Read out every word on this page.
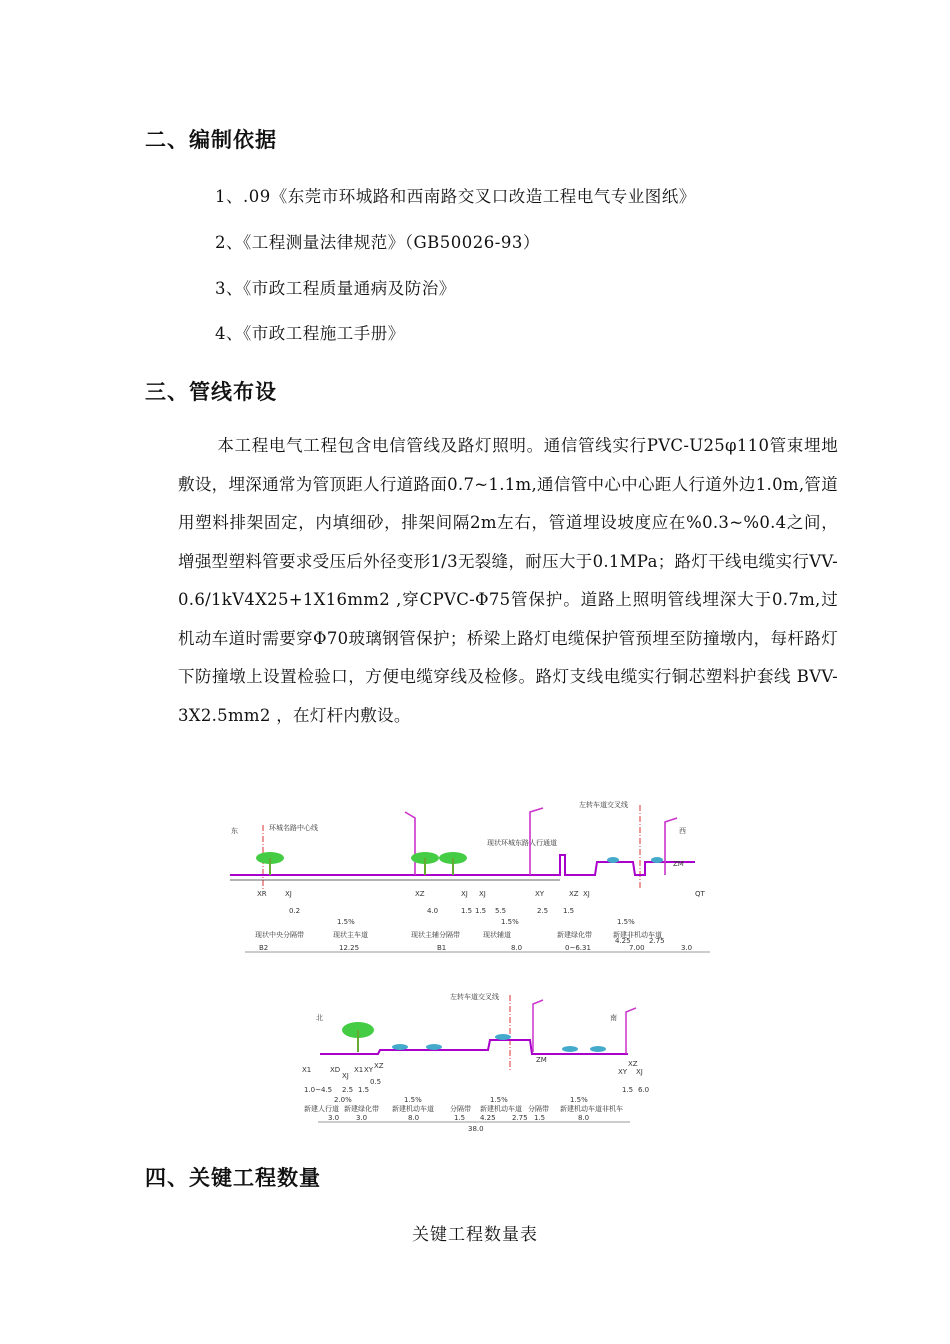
二、编制依据
1、.09《东莞市环城路和西南路交叉口改造工程电气专业图纸》
2、《工程测量法律规范》（GB50026-93）
3、《市政工程质量通病及防治》
4、《市政工程施工手册》
三、管线布设
本工程电气工程包含电信管线及路灯照明。通信管线实行PVC-U25φ110管束埋地敷设，埋深通常为管顶距人行道路面0.7~1.1m,通信管中心中心距人行道外边1.0m,管道用塑料排架固定，内填细砂，排架间隔2m左右，管道埋设坡度应在%0.3~%0.4之间，增强型塑料管要求受压后外径变形1/3无裂缝，耐压大于0.1MPa；路灯干线电缆实行VV-0.6/1kV4X25+1X16mm2 ,穿CPVC-Φ75管保护。道路上照明管线埋深大于0.7m,过机动车道时需要穿Φ70玻璃钢管保护；桥梁上路灯电缆保护管预埋至防撞墩内，每杆路灯下防撞墩上设置检验口，方便电缆穿线及检修。路灯支线电缆实行铜芯塑料护套线 BVV-3X2.5mm2 ，在灯杆内敷设。
东	西
环城名路中心线
现状环城东路人行通道
左转车道交叉线
XR	XJ	XZ	XJ XJ	XY	XZ XJ	QT
ZM
0.2	4.0	1.5 1.5 5.5	2.5 1.5
1.5%	1.5%	1.5%
现状中央分隔带	现状主车道	现状主辅分隔带	现状辅道	新建绿化带	新建非机动车道
B2	12.25	B1	8.0	0~6.31
4.25	2.75
7.00	3.0
北	南
左转车道交叉线
X1	XD
XJ
X1 XY XZ	XZ
XY XJ
ZM
1.0~4.5 2.5 1.5
0.5
1.5 6.0
2.0%	1.5%	1.5%	1.5%
新建人行道 新建绿化带 新建机动车道 分隔带 新建机动车道 分隔带 新建机动车道非机车
3.0 3.0	8.0	1.5 4.25 2.75 1.5	8.0
38.0
四、关键工程数量
关键工程数量表
